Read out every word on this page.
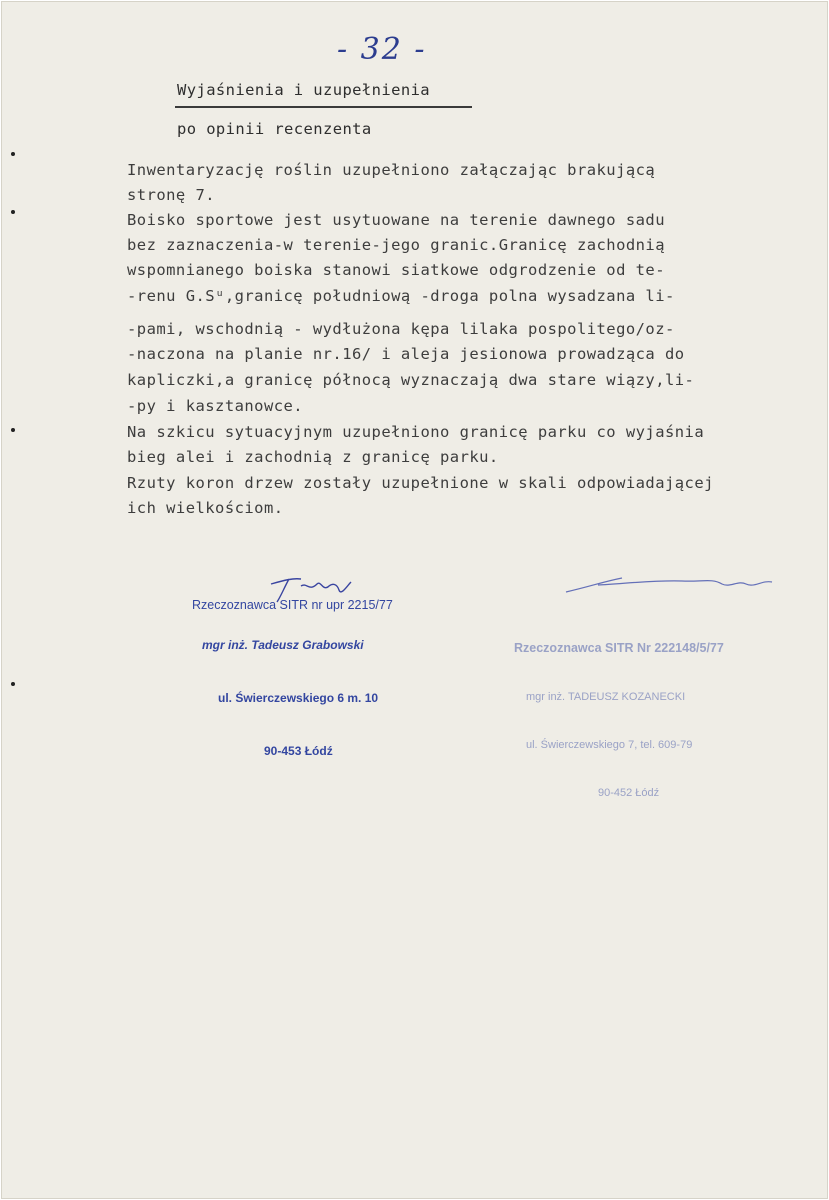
- 32 -
Wyjaśnienia i uzupełnienia
po opinii recenzenta
Inwentaryzację roślin uzupełniono załączając brakującą
stronę 7.
Boisko sportowe jest usytuowane na terenie dawnego sadu
bez zaznaczenia-w terenie-jego granic.Granicę zachodnią
wspomnianego boiska stanowi siatkowe odgrodzenie od te-
-renu G.Sᵘ,granicę południową -droga polna wysadzana li-
-pami, wschodnią - wydłużona kępa lilaka pospolitego/oz-
-naczona na planie nr.16/ i aleja jesionowa prowadząca do
kapliczki,a granicę północą wyznaczają dwa stare wiązy,li-
-py i kasztanowce.
Na szkicu sytuacyjnym uzupełniono granicę parku co wyjaśnia
bieg alei i zachodnią z granicę parku.
Rzuty koron drzew zostały uzupełnione w skali odpowiadającej
ich wielkościom.

Rzeczoznawca SITR nr upr 2215/77

mgr inż. Tadeusz Grabowski

ul. Świerczewskiego 6 m. 10

90-453 Łódź

Rzeczoznawca SITR Nr 222148/5/77

mgr inż. TADEUSZ KOZANECKI

ul. Świerczewskiego 7, tel. 609-79

90-452 Łódź
